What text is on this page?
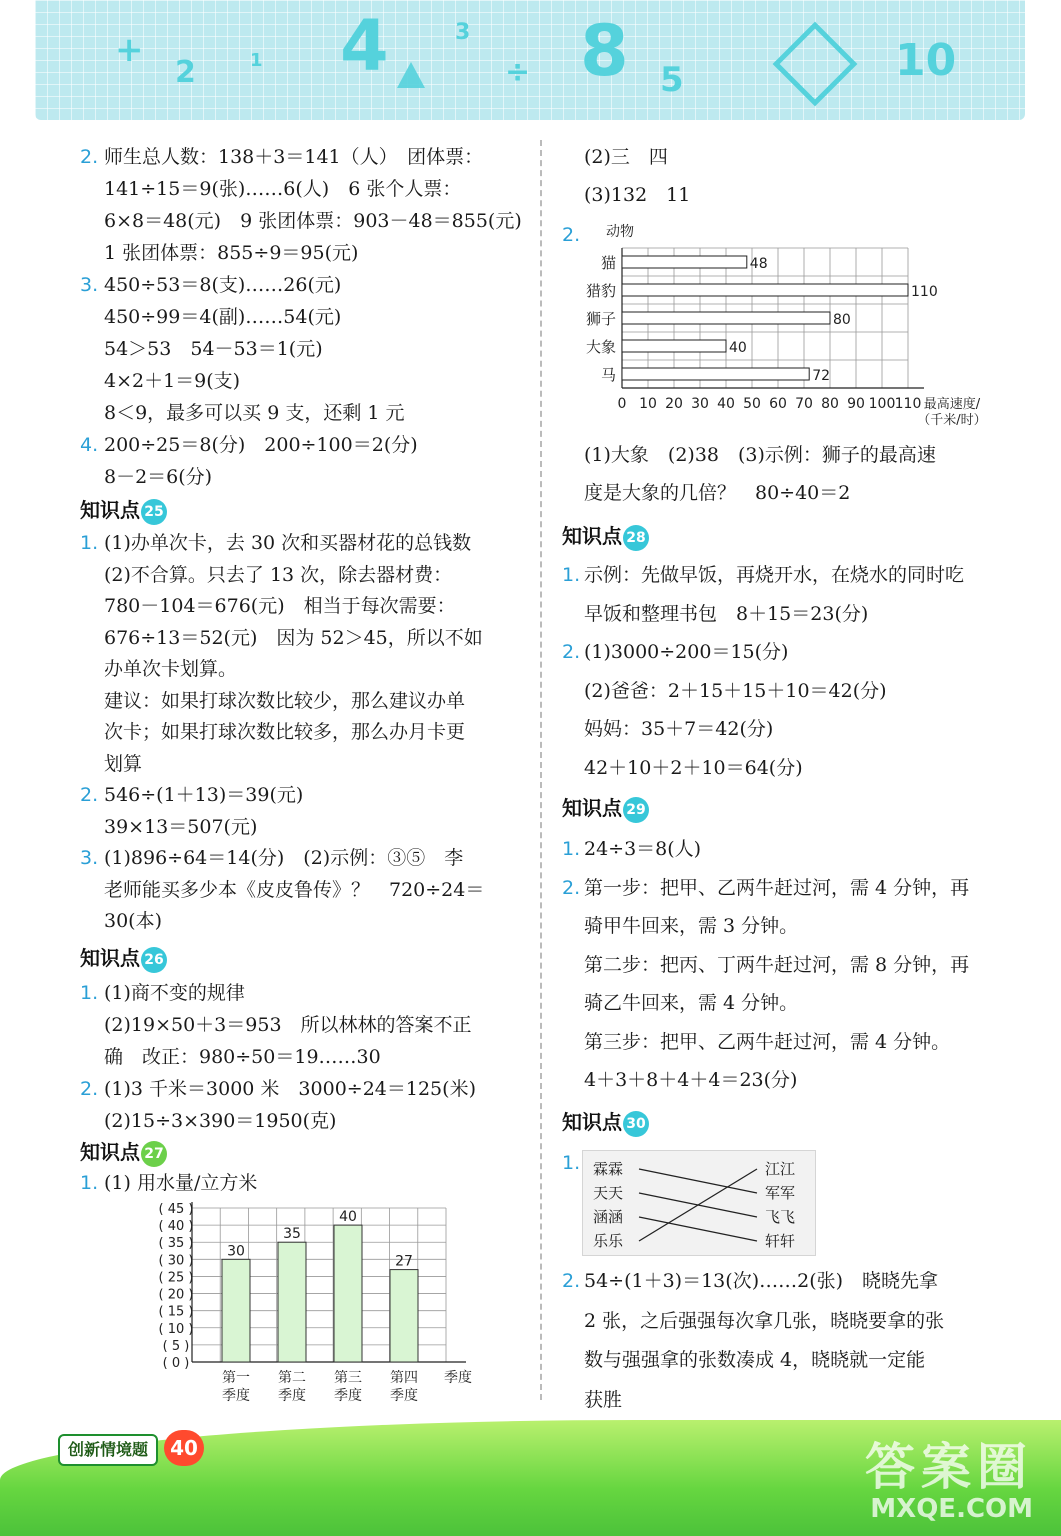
+
2	1 4	3
÷ 8 5	10
2. 师生总人数：138＋3＝141（人）　团体票：
141÷15＝9(张)……6(人)　6 张个人票：
6×8＝48(元)　9 张团体票：903－48＝855(元)
1 张团体票：855÷9＝95(元)
3. 450÷53＝8(支)……26(元)
450÷99＝4(副)……54(元)
54＞53　54－53＝1(元)
4×2＋1＝9(支)
8＜9，最多可以买 9 支，还剩 1 元
4. 200÷25＝8(分)　200÷100＝2(分)
8－2＝6(分)
知识点 25
1. (1)办单次卡，去 30 次和买器材花的总钱数
(2)不合算。只去了 13 次，除去器材费：
780－104＝676(元)　相当于每次需要：
676÷13＝52(元)　因为 52＞45，所以不如
办单次卡划算。
建议：如果打球次数比较少，那么建议办单
次卡；如果打球次数比较多，那么办月卡更
划算
2. 546÷(1＋13)＝39(元)
39×13＝507(元)
3. (1)896÷64＝14(分)　(2)示例：③⑤　李
老师能买多少本《皮皮鲁传》？　720÷24＝
30(本)
知识点 26
1. (1)商不变的规律
(2)19×50＋3＝953　所以林林的答案不正
确　改正：980÷50＝19……30
2. (1)3 千米＝3000 米　3000÷24＝125(米)
(2)15÷3×390＝1950(克)
知识点 27
1. (1) 用水量/立方米
(2)三　四
(3)132　11
2.
(1)大象　(2)38　(3)示例：狮子的最高速
度是大象的几倍？　80÷40＝2
知识点 28
1. 示例：先做早饭，再烧开水，在烧水的同时吃
早饭和整理书包　8＋15＝23(分)
2. (1)3000÷200＝15(分)
(2)爸爸：2＋15＋15＋10＝42(分)
妈妈：35＋7＝42(分)
42＋10＋2＋10＝64(分)
知识点 29
1. 24÷3＝8(人)
2. 第一步：把甲、乙两牛赶过河，需 4 分钟，再
骑甲牛回来，需 3 分钟。
第二步：把丙、丁两牛赶过河，需 8 分钟，再
骑乙牛回来，需 4 分钟。
第三步：把甲、乙两牛赶过河，需 4 分钟。
4＋3＋8＋4＋4＝23(分)
知识点 30
2. 54÷(1＋3)＝13(次)……2(张)　晓晓先拿
2 张，之后强强每次拿几张，晓晓要拿的张
数与强强拿的张数凑成 4，晓晓就一定能
获胜
( 0 )
( 5 )
( 10 )
( 15 )
( 20 )
( 25 )
( 30 )
( 35 )
( 40 )
( 45 )
30
第一
季度
35
第二
季度
40
第三
季度
27
第四
季度
季度
动物
猫	48
猎豹	110
狮子	80
大象	40
马	72
0 10 20 30 40 50 60 70 80 90 100 110 最高速度/
（千米/时）
霖霖
天天
涵涵
乐乐
江江
军军
飞飞
轩轩
1.
创新情境题	40	答案圈
MXQE.COM
